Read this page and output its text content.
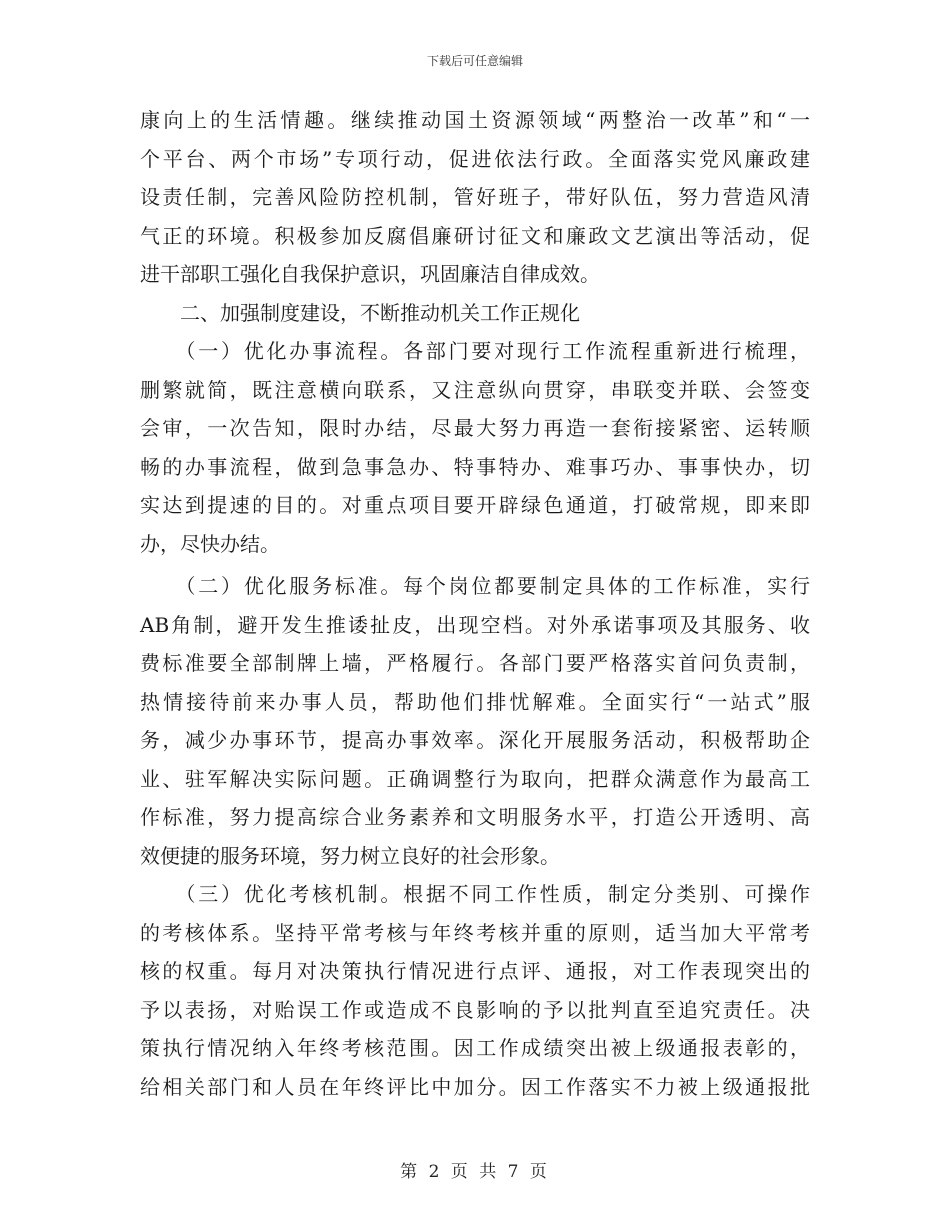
下载后可任意编辑
康向上的生活情趣。继续推动国土资源领域“两整治一改革”和“一
个平台、两个市场”专项行动，促进依法行政。全面落实党风廉政建
设责任制，完善风险防控机制，管好班子，带好队伍，努力营造风清
气正的环境。积极参加反腐倡廉研讨征文和廉政文艺演出等活动，促
进干部职工强化自我保护意识，巩固廉洁自律成效。
　　二、加强制度建设，不断推动机关工作正规化
　　（一）优化办事流程。各部门要对现行工作流程重新进行梳理，
删繁就简，既注意横向联系，又注意纵向贯穿，串联变并联、会签变
会审，一次告知，限时办结，尽最大努力再造一套衔接紧密、运转顺
畅的办事流程，做到急事急办、特事特办、难事巧办、事事快办，切
实达到提速的目的。对重点项目要开辟绿色通道，打破常规，即来即
办，尽快办结。
　　（二）优化服务标准。每个岗位都要制定具体的工作标准，实行
AB角制，避开发生推诿扯皮，出现空档。对外承诺事项及其服务、收
费标准要全部制牌上墙，严格履行。各部门要严格落实首问负责制，
热情接待前来办事人员，帮助他们排忧解难。全面实行“一站式”服
务，减少办事环节，提高办事效率。深化开展服务活动，积极帮助企
业、驻军解决实际问题。正确调整行为取向，把群众满意作为最高工
作标准，努力提高综合业务素养和文明服务水平，打造公开透明、高
效便捷的服务环境，努力树立良好的社会形象。
　　（三）优化考核机制。根据不同工作性质，制定分类别、可操作
的考核体系。坚持平常考核与年终考核并重的原则，适当加大平常考
核的权重。每月对决策执行情况进行点评、通报，对工作表现突出的
予以表扬，对贻误工作或造成不良影响的予以批判直至追究责任。决
策执行情况纳入年终考核范围。因工作成绩突出被上级通报表彰的，
给相关部门和人员在年终评比中加分。因工作落实不力被上级通报批
第 2 页 共 7 页
